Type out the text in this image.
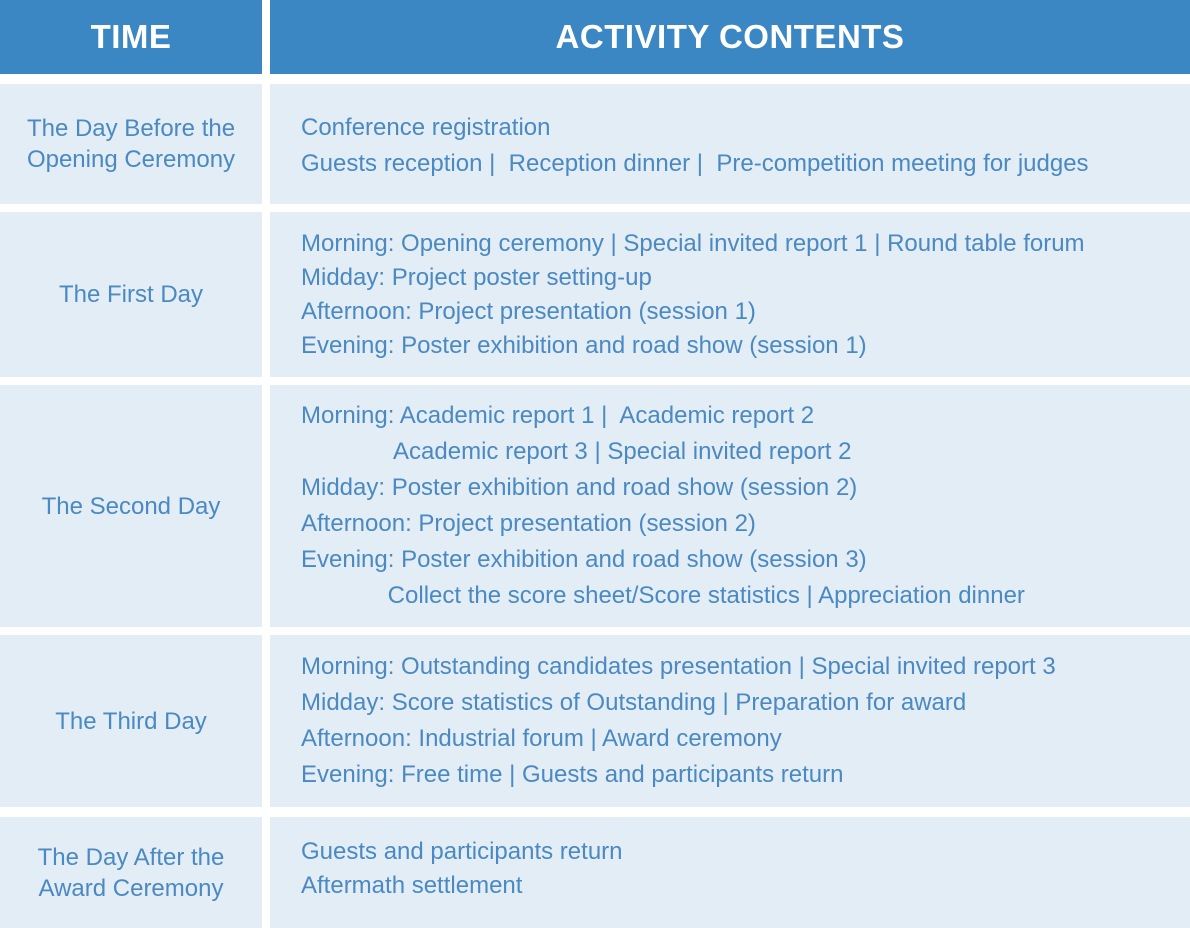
TIME	ACTIVITY CONTENTS
The Day Before the
Opening Ceremony
Conference registration
Guests reception |  Reception dinner |  Pre-competition meeting for judges
The First Day
Morning: Opening ceremony | Special invited report 1 | Round table forum
Midday: Project poster setting-up
Afternoon: Project presentation (session 1)
Evening: Poster exhibition and road show (session 1)
The Second Day
Morning: Academic report 1 |  Academic report 2
Academic report 3 | Special invited report 2
Midday: Poster exhibition and road show (session 2)
Afternoon: Project presentation (session 2)
Evening: Poster exhibition and road show (session 3)
Collect the score sheet/Score statistics | Appreciation dinner
The Third Day
Morning: Outstanding candidates presentation | Special invited report 3
Midday: Score statistics of Outstanding | Preparation for award
Afternoon: Industrial forum | Award ceremony
Evening: Free time | Guests and participants return
The Day After the
Award Ceremony
Guests and participants return
Aftermath settlement
